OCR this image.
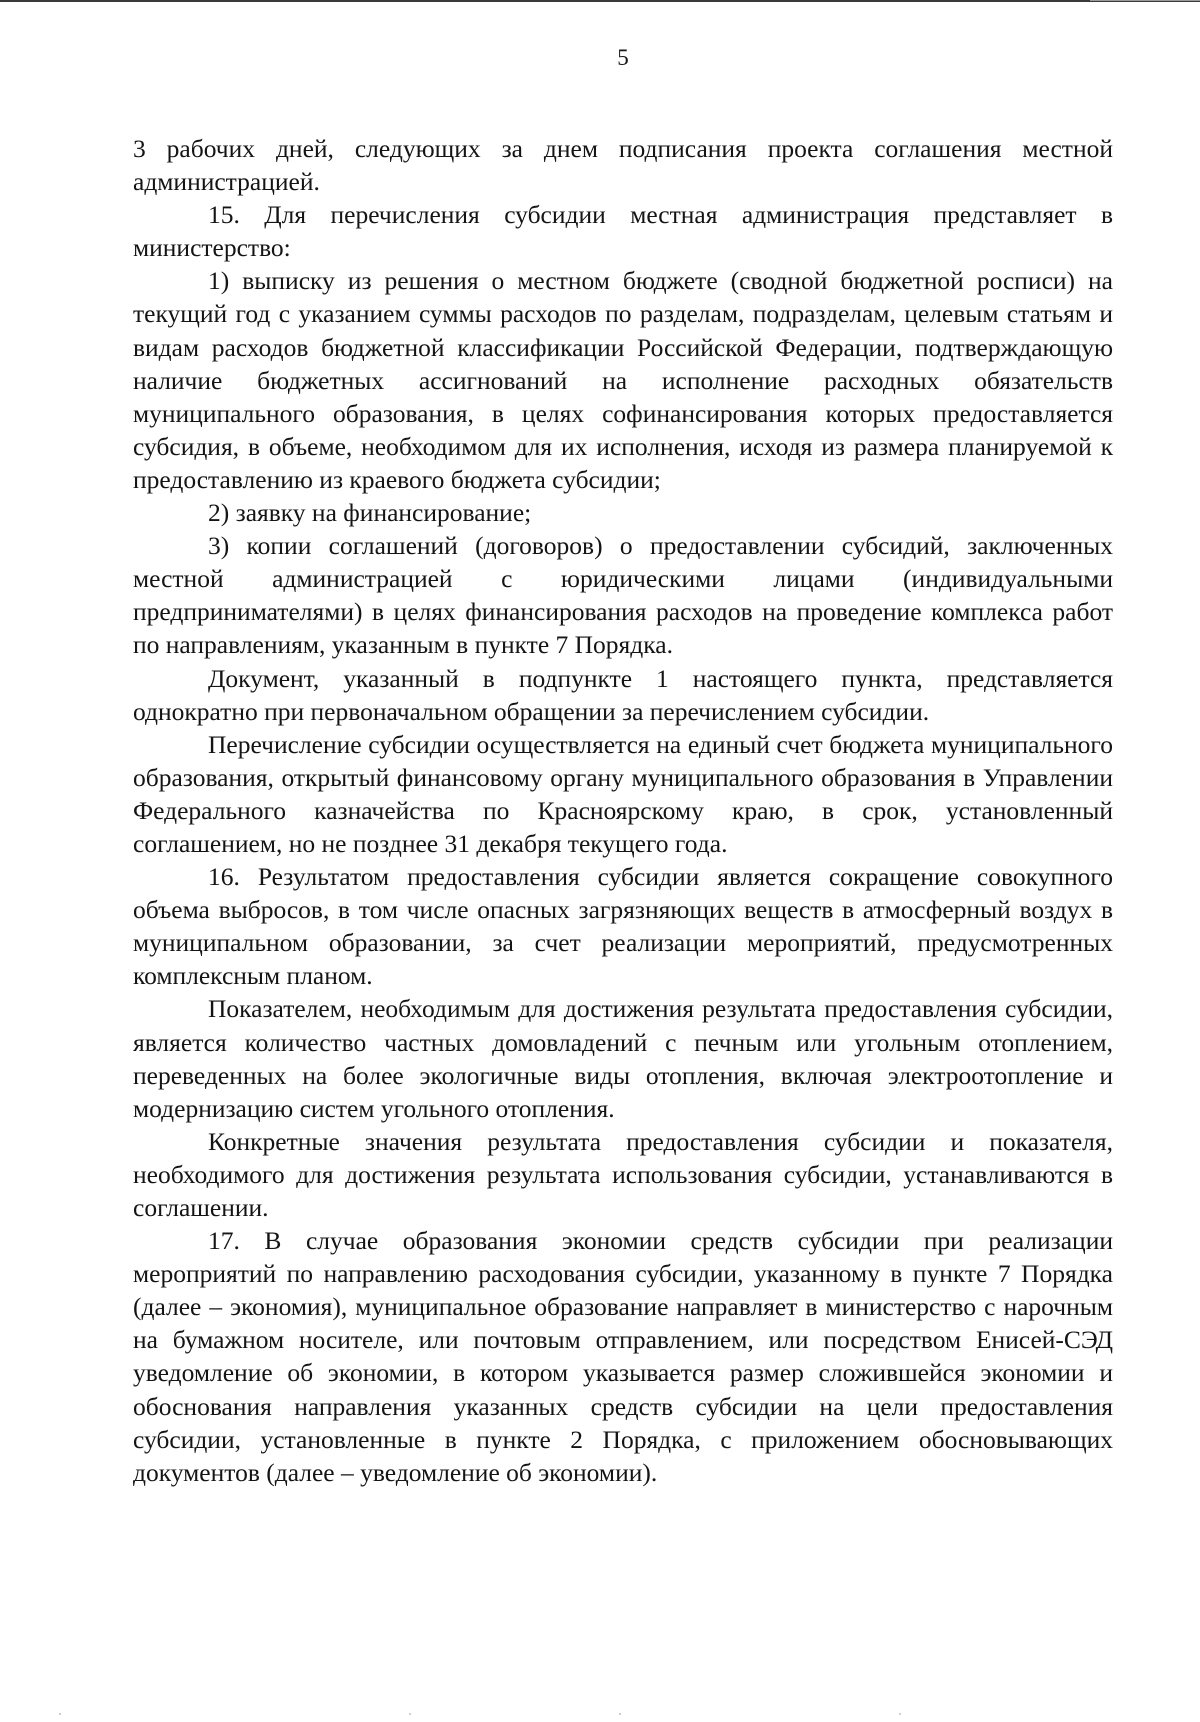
5

3 рабочих дней, следующих за днем подписания проекта соглашения местной администрацией.

15. Для перечисления субсидии местная администрация представляет в министерство:

1) выписку из решения о местном бюджете (сводной бюджетной росписи) на текущий год с указанием суммы расходов по разделам, подразделам, целевым статьям и видам расходов бюджетной классификации Российской Федерации, подтверждающую наличие бюджетных ассигнований на исполнение расходных обязательств муниципального образования, в целях софинансирования которых предоставляется субсидия, в объеме, необходимом для их исполнения, исходя из размера планируемой к предоставлению из краевого бюджета субсидии;

2) заявку на финансирование;

3) копии соглашений (договоров) о предоставлении субсидий, заключенных местной администрацией с юридическими лицами (индивидуальными предпринимателями) в целях финансирования расходов на проведение комплекса работ по направлениям, указанным в пункте 7 Порядка.

Документ, указанный в подпункте 1 настоящего пункта, представляется однократно при первоначальном обращении за перечислением субсидии.

Перечисление субсидии осуществляется на единый счет бюджета муниципального образования, открытый финансовому органу муниципального образования в Управлении Федерального казначейства по Красноярскому краю, в срок, установленный соглашением, но не позднее 31 декабря текущего года.

16. Результатом предоставления субсидии является сокращение совокупного объема выбросов, в том числе опасных загрязняющих веществ в атмосферный воздух в муниципальном образовании, за счет реализации мероприятий, предусмотренных комплексным планом.

Показателем, необходимым для достижения результата предоставления субсидии, является количество частных домовладений с печным или угольным отоплением, переведенных на более экологичные виды отопления, включая электроотопление и модернизацию систем угольного отопления.

Конкретные значения результата предоставления субсидии и показателя, необходимого для достижения результата использования субсидии, устанавливаются в соглашении.

17. В случае образования экономии средств субсидии при реализации мероприятий по направлению расходования субсидии, указанному в пункте 7 Порядка (далее – экономия), муниципальное образование направляет в министерство с нарочным на бумажном носителе, или почтовым отправлением, или посредством Енисей-СЭД уведомление об экономии, в котором указывается размер сложившейся экономии и обоснования направления указанных средств субсидии на цели предоставления субсидии, установленные в пункте 2 Порядка, с приложением обосновывающих документов (далее – уведомление об экономии).
